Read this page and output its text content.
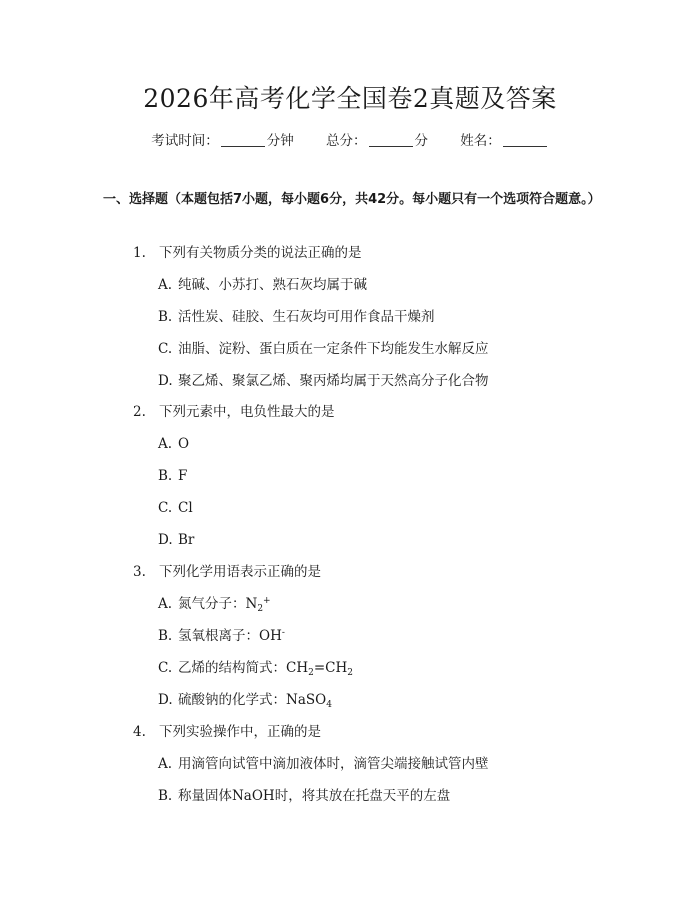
2026年高考化学全国卷2真题及答案
考试时间：	分钟 总分：	分 姓名：
一、选择题（本题包括7小题，每小题6分，共42分。每小题只有一个选项符合题意。）
1. 下列有关物质分类的说法正确的是
A. 纯碱、小苏打、熟石灰均属于碱
B. 活性炭、硅胶、生石灰均可用作食品干燥剂
C. 油脂、淀粉、蛋白质在一定条件下均能发生水解反应
D. 聚乙烯、聚氯乙烯、聚丙烯均属于天然高分子化合物
2. 下列元素中，电负性最大的是
A. O
B. F
C. Cl
D. Br
3. 下列化学用语表示正确的是
A. 氮气分子：$N_2^+$
B. 氢氧根离子：OH-
C. 乙烯的结构简式：$CH_2=CH_2$
D. 硫酸钠的化学式：NaSO$_4$
4. 下列实验操作中，正确的是
A. 用滴管向试管中滴加液体时，滴管尖端接触试管内壁
B. 称量固体NaOH时，将其放在托盘天平的左盘
